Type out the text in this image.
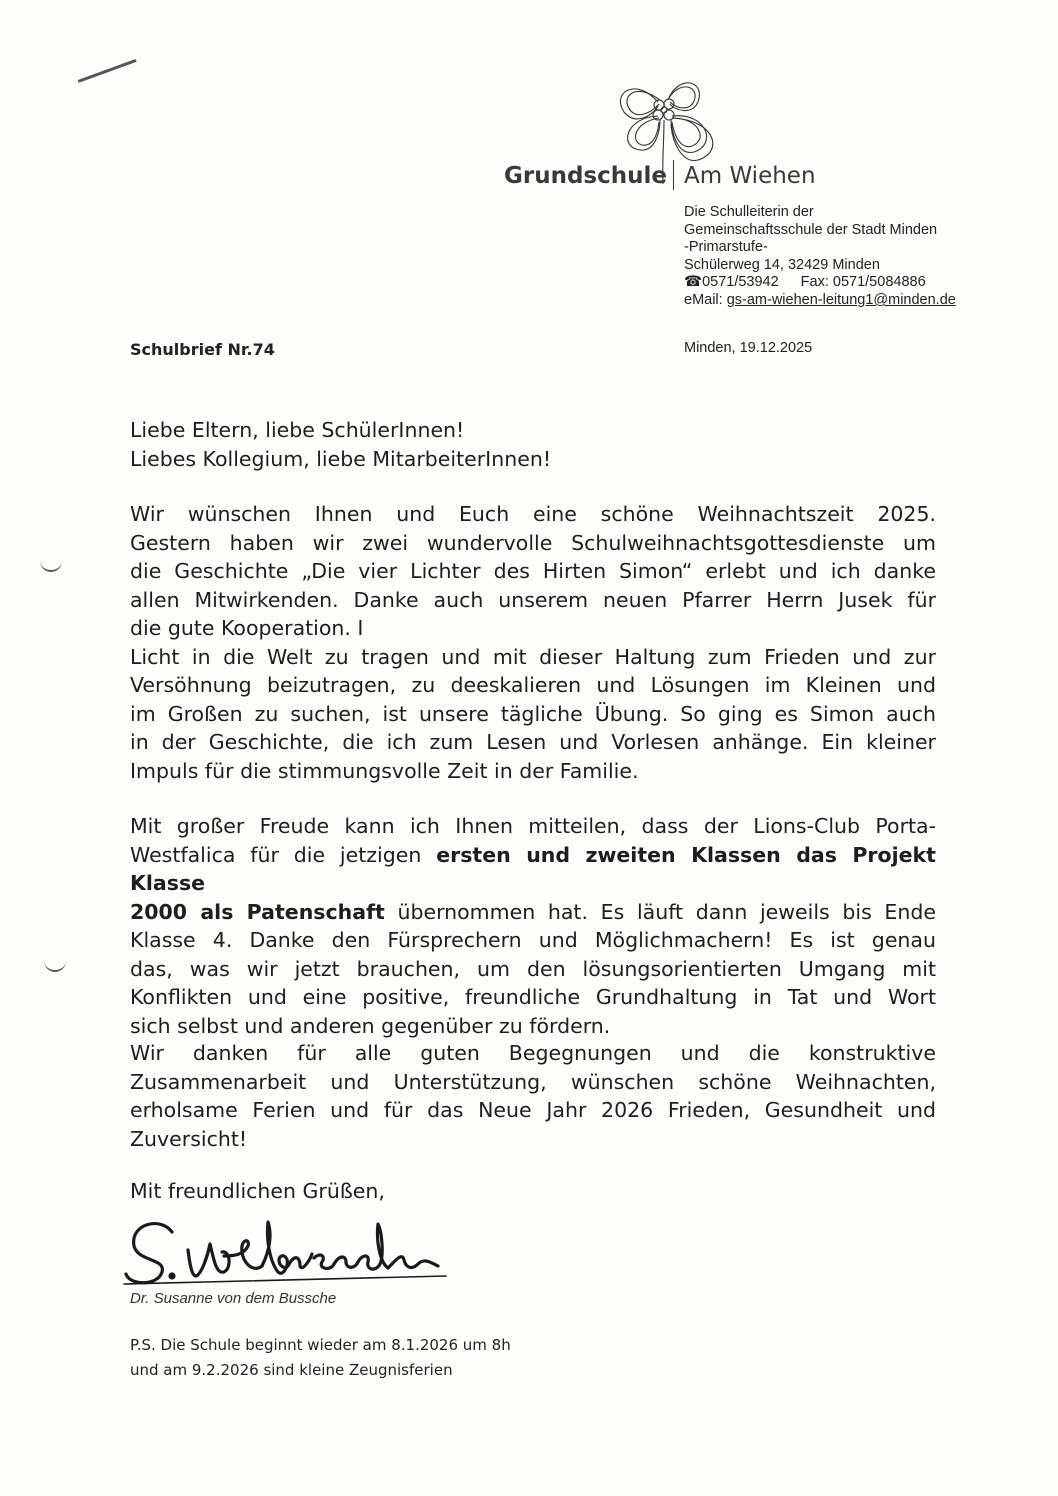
Grundschule Am Wiehen
Die Schulleiterin der
Gemeinschaftsschule der Stadt Minden
-Primarstufe-
Schülerweg 14, 32429 Minden
☎0571/53942 Fax: 0571/5084886
eMail: gs-am-wiehen-leitung1@minden.de
Schulbrief Nr.74	Minden, 19.12.2025
Liebe Eltern, liebe SchülerInnen!
Liebes Kollegium, liebe MitarbeiterInnen!
Wir wünschen Ihnen und Euch eine schöne Weihnachtszeit 2025.
Gestern haben wir zwei wundervolle Schulweihnachtsgottesdienste um
die Geschichte „Die vier Lichter des Hirten Simon“ erlebt und ich danke
allen Mitwirkenden. Danke auch unserem neuen Pfarrer Herrn Jusek für
die gute Kooperation. I
Licht in die Welt zu tragen und mit dieser Haltung zum Frieden und zur
Versöhnung beizutragen, zu deeskalieren und Lösungen im Kleinen und
im Großen zu suchen, ist unsere tägliche Übung. So ging es Simon auch
in der Geschichte, die ich zum Lesen und Vorlesen anhänge. Ein kleiner
Impuls für die stimmungsvolle Zeit in der Familie.
Mit großer Freude kann ich Ihnen mitteilen, dass der Lions-Club Porta-
Westfalica für die jetzigen ersten und zweiten Klassen das Projekt Klasse
2000 als Patenschaft übernommen hat. Es läuft dann jeweils bis Ende
Klasse 4. Danke den Fürsprechern und Möglichmachern! Es ist genau
das, was wir jetzt brauchen, um den lösungsorientierten Umgang mit
Konflikten und eine positive, freundliche Grundhaltung in Tat und Wort
sich selbst und anderen gegenüber zu fördern.
Wir danken für alle guten Begegnungen und die konstruktive
Zusammenarbeit und Unterstützung, wünschen schöne Weihnachten,
erholsame Ferien und für das Neue Jahr 2026 Frieden, Gesundheit und
Zuversicht!
Mit freundlichen Grüßen,
Dr. Susanne von dem Bussche
P.S. Die Schule beginnt wieder am 8.1.2026 um 8h
und am 9.2.2026 sind kleine Zeugnisferien
